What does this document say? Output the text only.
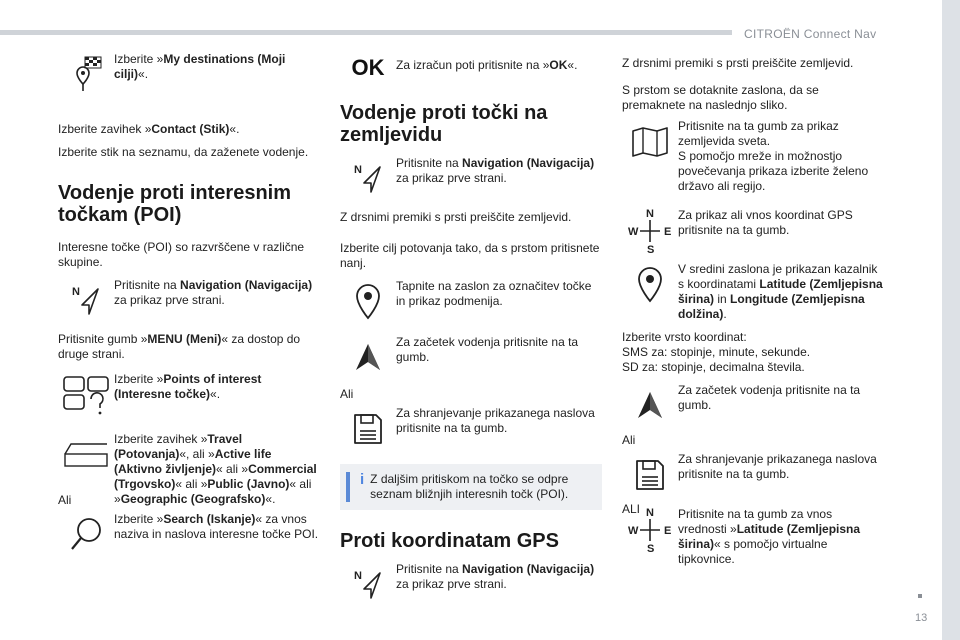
CITROËN Connect Nav
13
Izberite »My destinations (Moji cilji)«.

Izberite zavihek »Contact (Stik)«.

Izberite stik na seznamu, da zaženete vodenje.

Vodenje proti interesnim točkam (POI)

Interesne točke (POI) so razvrščene v različne skupine.

N	Pritisnite na Navigation (Navigacija) za prikaz prve strani.

Pritisnite gumb »MENU (Meni)« za dostop do druge strani.

Izberite »Points of interest (Interesne točke)«.
Izberite zavihek »Travel (Potovanja)«, ali »Active life (Aktivno življenje)« ali »Commercial (Trgovsko)« ali »Public (Javno)« ali »Geographic (Geografsko)«.

Ali

Izberite »Search (Iskanje)« za vnos naziva in naslova interesne točke POI.
OK Za izračun poti pritisnite na »OK«.
Vodenje proti točki na zemljevidu
N	Pritisnite na Navigation (Navigacija) za prikaz prve strani.

Z drsnimi premiki s prsti preiščite zemljevid.

Izberite cilj potovanja tako, da s prstom pritisnete nanj.

Tapnite na zaslon za označitev točke in prikaz podmenija.
Za začetek vodenja pritisnite na ta gumb.

Ali

Za shranjevanje prikazanega naslova pritisnite na ta gumb.
i Z daljšim pritiskom na točko se odpre seznam bližnjih interesnih točk (POI).
Proti koordinatam GPS
N	Pritisnite na Navigation (Navigacija) za prikaz prve strani.

Z drsnimi premiki s prsti preiščite zemljevid.

S prstom se dotaknite zaslona, da se premaknete na naslednjo sliko.

Pritisnite na ta gumb za prikaz zemljevida sveta.
S pomočjo mreže in možnostjo povečevanja prikaza izberite želeno državo ali regijo.
N
S
W E
Za prikaz ali vnos koordinat GPS pritisnite na ta gumb.
V sredini zaslona je prikazan kazalnik s koordinatami Latitude (Zemljepisna širina) in Longitude (Zemljepisna dolžina).
Izberite vrsto koordinat:
SMS za: stopinje, minute, sekunde.
SD za: stopinje, decimalna števila.
Za začetek vodenja pritisnite na ta gumb.

Ali

Za shranjevanje prikazanega naslova pritisnite na ta gumb.

ALI N
S
W E
Pritisnite na ta gumb za vnos vrednosti »Latitude (Zemljepisna širina)« s pomočjo virtualne tipkovnice.
